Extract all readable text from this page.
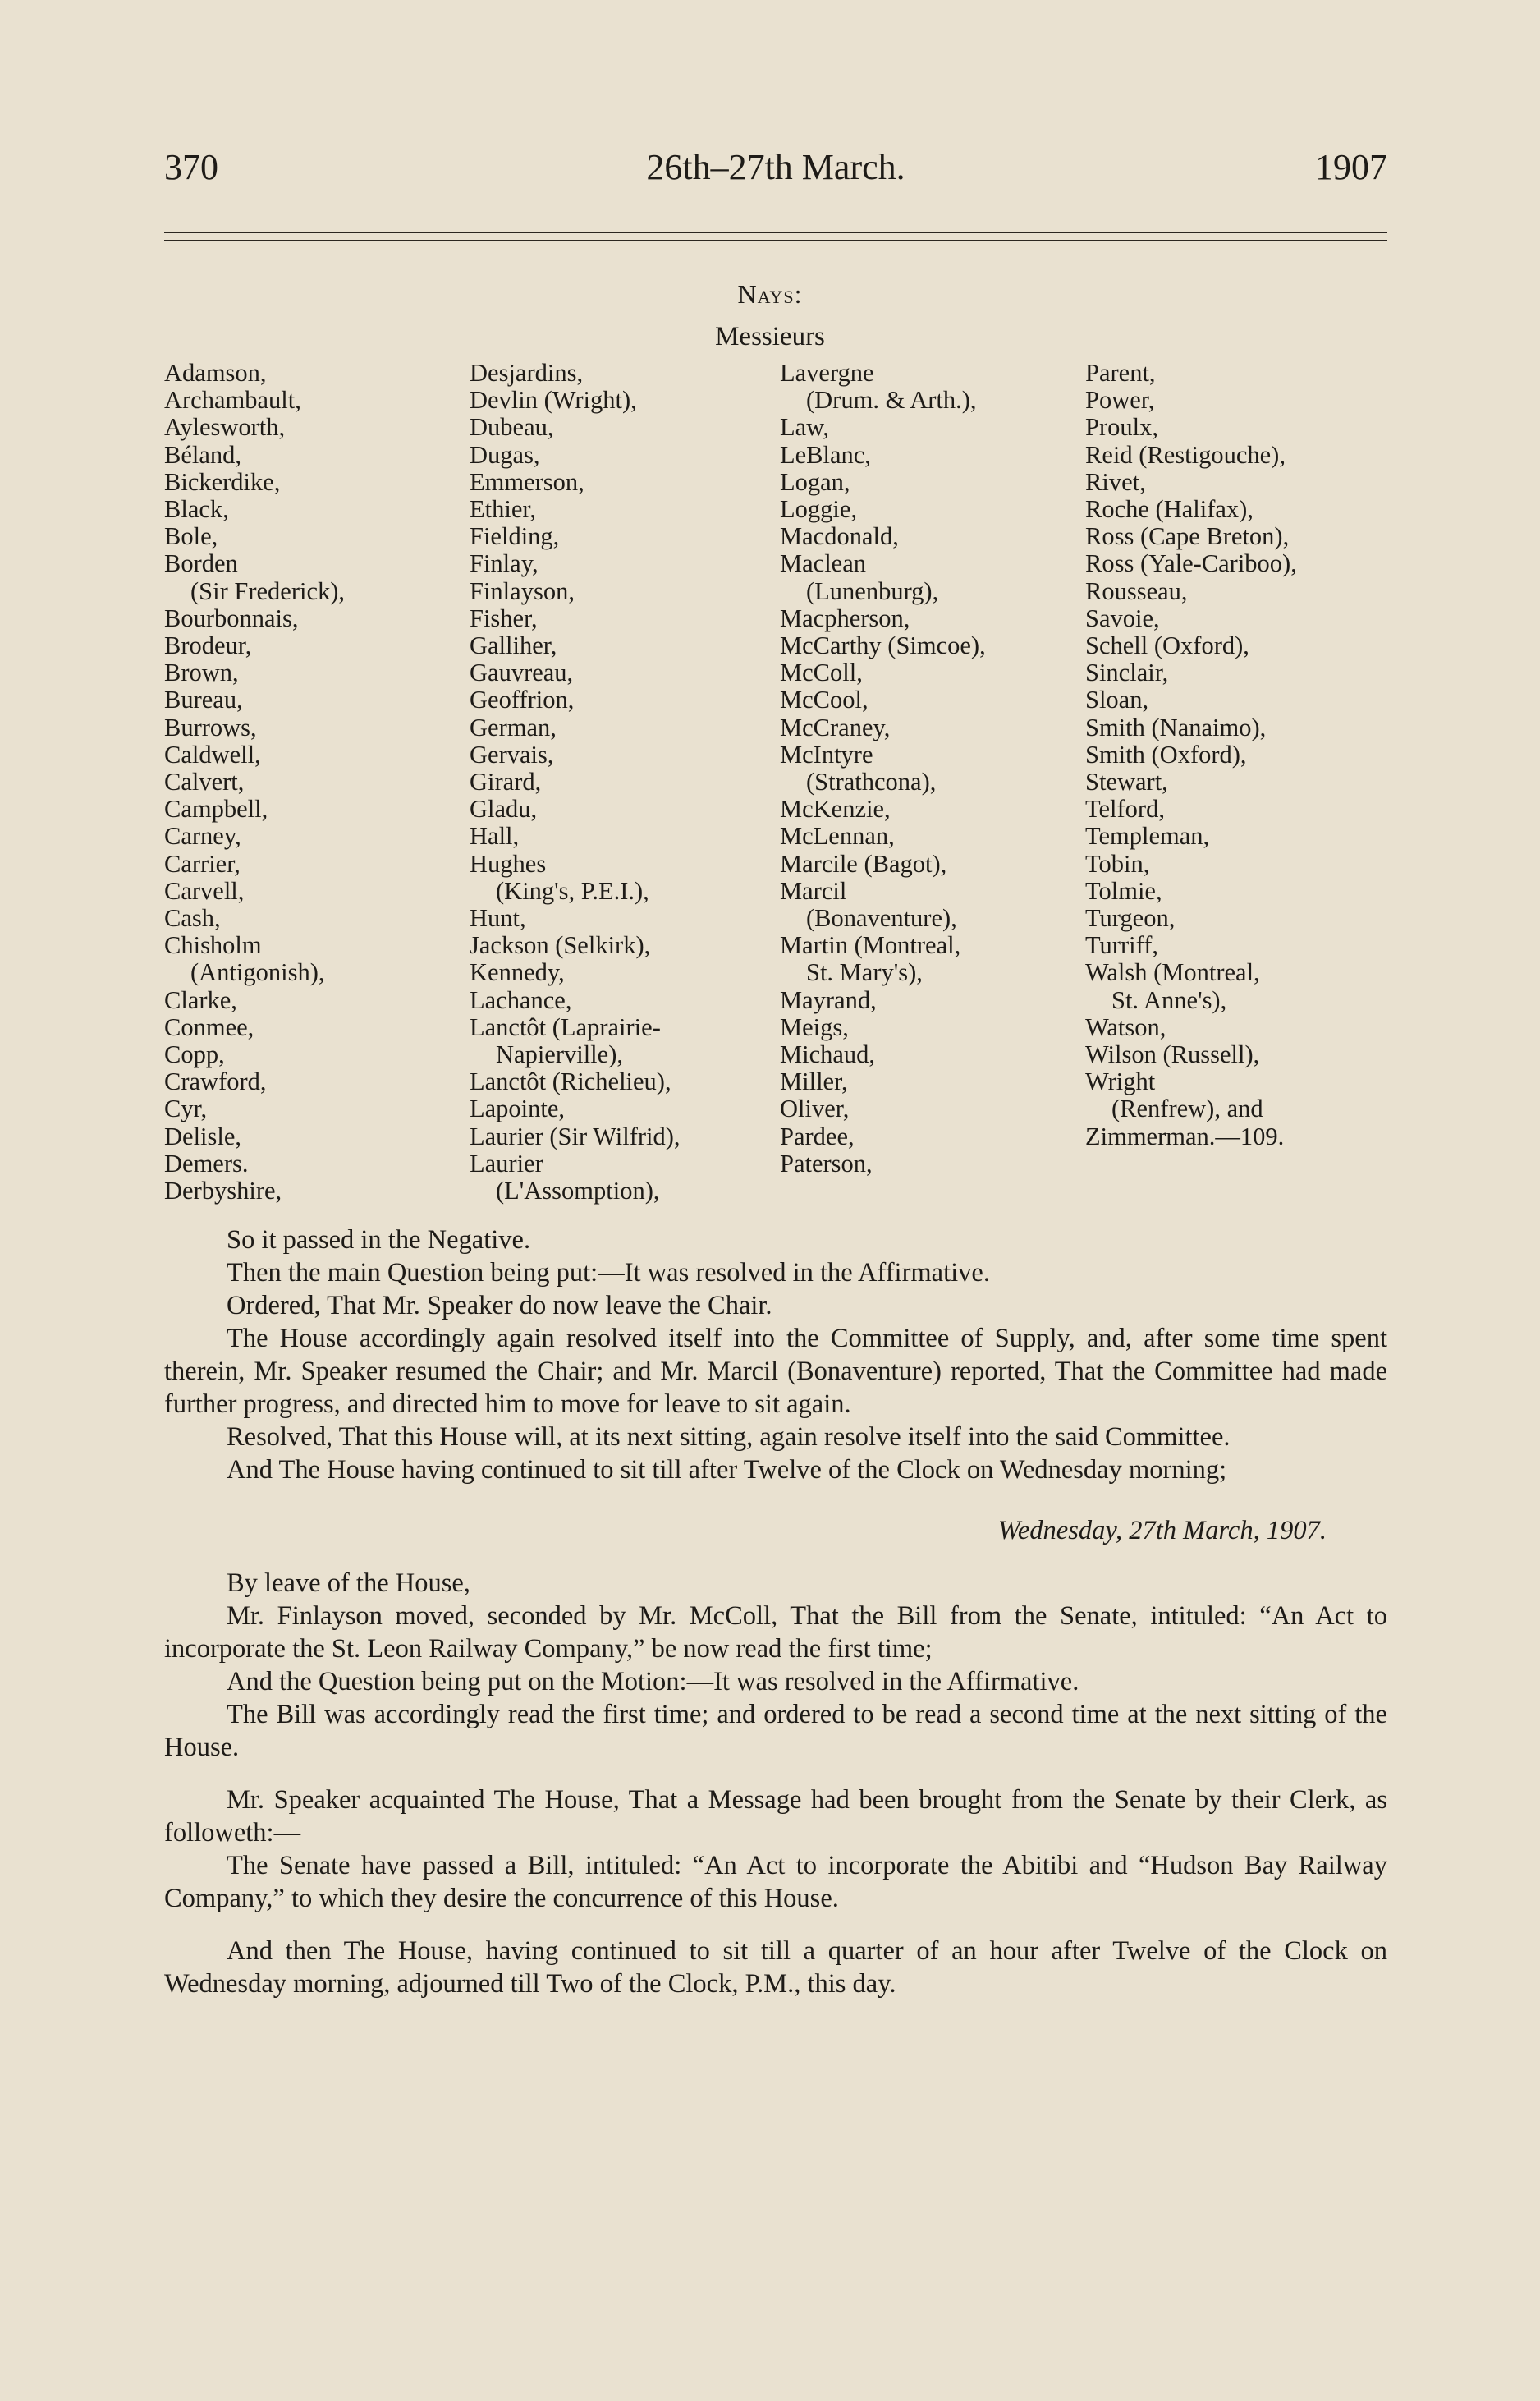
370	26th–27th March.	1907
Nays:
Messieurs
Adamson,
Archambault,
Aylesworth,
Béland,
Bickerdike,
Black,
Bole,
Borden
(Sir Frederick),
Bourbonnais,
Brodeur,
Brown,
Bureau,
Burrows,
Caldwell,
Calvert,
Campbell,
Carney,
Carrier,
Carvell,
Cash,
Chisholm
(Antigonish),
Clarke,
Conmee,
Copp,
Crawford,
Cyr,
Delisle,
Demers.
Derbyshire,
Desjardins,
Devlin (Wright),
Dubeau,
Dugas,
Emmerson,
Ethier,
Fielding,
Finlay,
Finlayson,
Fisher,
Galliher,
Gauvreau,
Geoffrion,
German,
Gervais,
Girard,
Gladu,
Hall,
Hughes
(King's, P.E.I.),
Hunt,
Jackson (Selkirk),
Kennedy,
Lachance,
Lanctôt (Laprairie-
Napierville),
Lanctôt (Richelieu),
Lapointe,
Laurier (Sir Wilfrid),
Laurier
(L'Assomption),
Lavergne
(Drum. & Arth.),
Law,
LeBlanc,
Logan,
Loggie,
Macdonald,
Maclean
(Lunenburg),
Macpherson,
McCarthy (Simcoe),
McColl,
McCool,
McCraney,
McIntyre
(Strathcona),
McKenzie,
McLennan,
Marcile (Bagot),
Marcil
(Bonaventure),
Martin (Montreal,
St. Mary's),
Mayrand,
Meigs,
Michaud,
Miller,
Oliver,
Pardee,
Paterson,
Parent,
Power,
Proulx,
Reid (Restigouche),
Rivet,
Roche (Halifax),
Ross (Cape Breton),
Ross (Yale-Cariboo),
Rousseau,
Savoie,
Schell (Oxford),
Sinclair,
Sloan,
Smith (Nanaimo),
Smith (Oxford),
Stewart,
Telford,
Templeman,
Tobin,
Tolmie,
Turgeon,
Turriff,
Walsh (Montreal,
St. Anne's),
Watson,
Wilson (Russell),
Wright
(Renfrew), and
Zimmerman.—109.

So it passed in the Negative.

Then the main Question being put:—It was resolved in the Affirmative.

Ordered, That Mr. Speaker do now leave the Chair.

The House accordingly again resolved itself into the Committee of Supply, and, after some time spent therein, Mr. Speaker resumed the Chair; and Mr. Marcil (Bonaventure) reported, That the Committee had made further progress, and directed him to move for leave to sit again.

Resolved, That this House will, at its next sitting, again resolve itself into the said Committee.

And The House having continued to sit till after Twelve of the Clock on Wednesday morning;

Wednesday, 27th March, 1907.

By leave of the House,

Mr. Finlayson moved, seconded by Mr. McColl, That the Bill from the Senate, intituled: “An Act to incorporate the St. Leon Railway Company,” be now read the first time;

And the Question being put on the Motion:—It was resolved in the Affirmative.

The Bill was accordingly read the first time; and ordered to be read a second time at the next sitting of the House.

Mr. Speaker acquainted The House, That a Message had been brought from the Senate by their Clerk, as followeth:—

The Senate have passed a Bill, intituled: “An Act to incorporate the Abitibi and “Hudson Bay Railway Company,” to which they desire the concurrence of this House.

And then The House, having continued to sit till a quarter of an hour after Twelve of the Clock on Wednesday morning, adjourned till Two of the Clock, P.M., this day.
